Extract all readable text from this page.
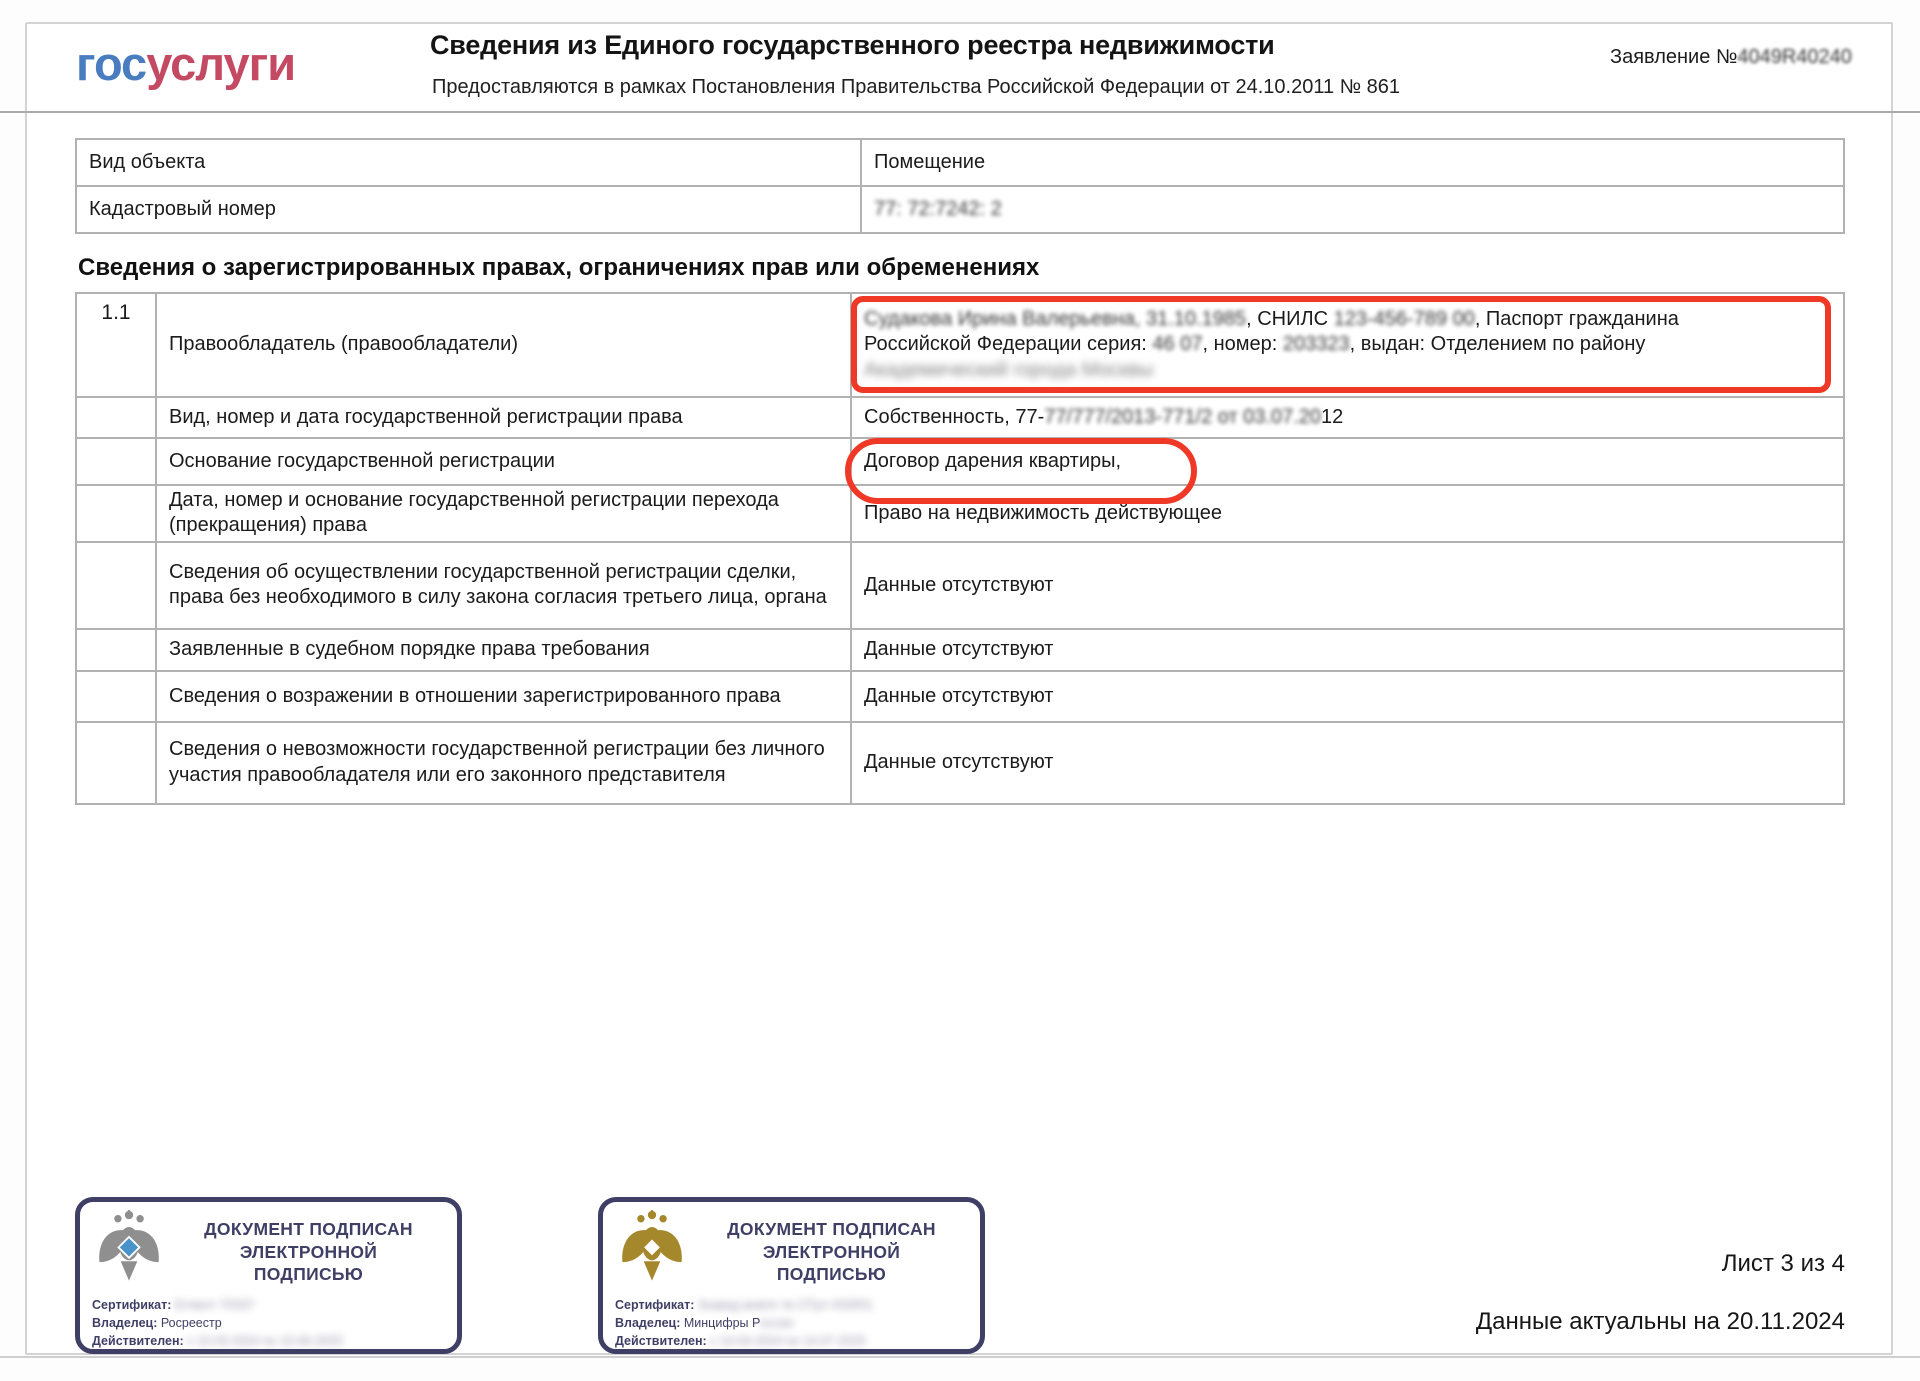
госуслуги	Сведения из Единого государственного реестра недвижимости
Предоставляются в рамках Постановления Правительства Российской Федерации от 24.10.2011 № 861
Заявление №4049R40240
Вид объекта	Помещение
Кадастровый номер	77: 72:7242: 2
Сведения о зарегистрированных правах, ограничениях прав или обременениях
1.1	Правообладатель (правообладатели)	Судакова Ирина Валерьевна, 31.10.1985, СНИЛС 123-456-789 00, Паспорт гражданина
Российской Федерации серия: 46 07, номер: 203323, выдан: Отделением по району
Академический города Москвы
	Вид, номер и дата государственной регистрации права	Собственность, 77-77/777/2013-771/2 от 03.07.2012
	Основание государственной регистрации	Договор дарения квартиры,
	Дата, номер и основание государственной регистрации перехода (прекращения) права	Право на недвижимость действующее
	Сведения об осуществлении государственной регистрации сделки, права без необходимого в силу закона согласия третьего лица, органа	Данные отсутствуют
	Заявленные в судебном порядке права требования	Данные отсутствуют
	Сведения о возражении в отношении зарегистрированного права	Данные отсутствуют
	Сведения о невозможности государственной регистрации без личного участия правообладателя или его законного представителя	Данные отсутствуют
ДОКУМЕНТ ПОДПИСАН
ЭЛЕКТРОННОЙ
ПОДПИСЬЮ
Сертификат: Егпмлт 70337
Владелец: Росреестр
Действителен: с 10.03.2024 по 10.06.2025
ДОКУМЕНТ ПОДПИСАН
ЭЛЕКТРОННОЙ
ПОДПИСЬЮ
Сертификат: 3навад мнвте тв СПул 433051
Владелец: Минцифры России
Действителен: с 14.04.2024 по 14.07.2025
Лист 3 из 4
Данные актуальны на 20.11.2024
